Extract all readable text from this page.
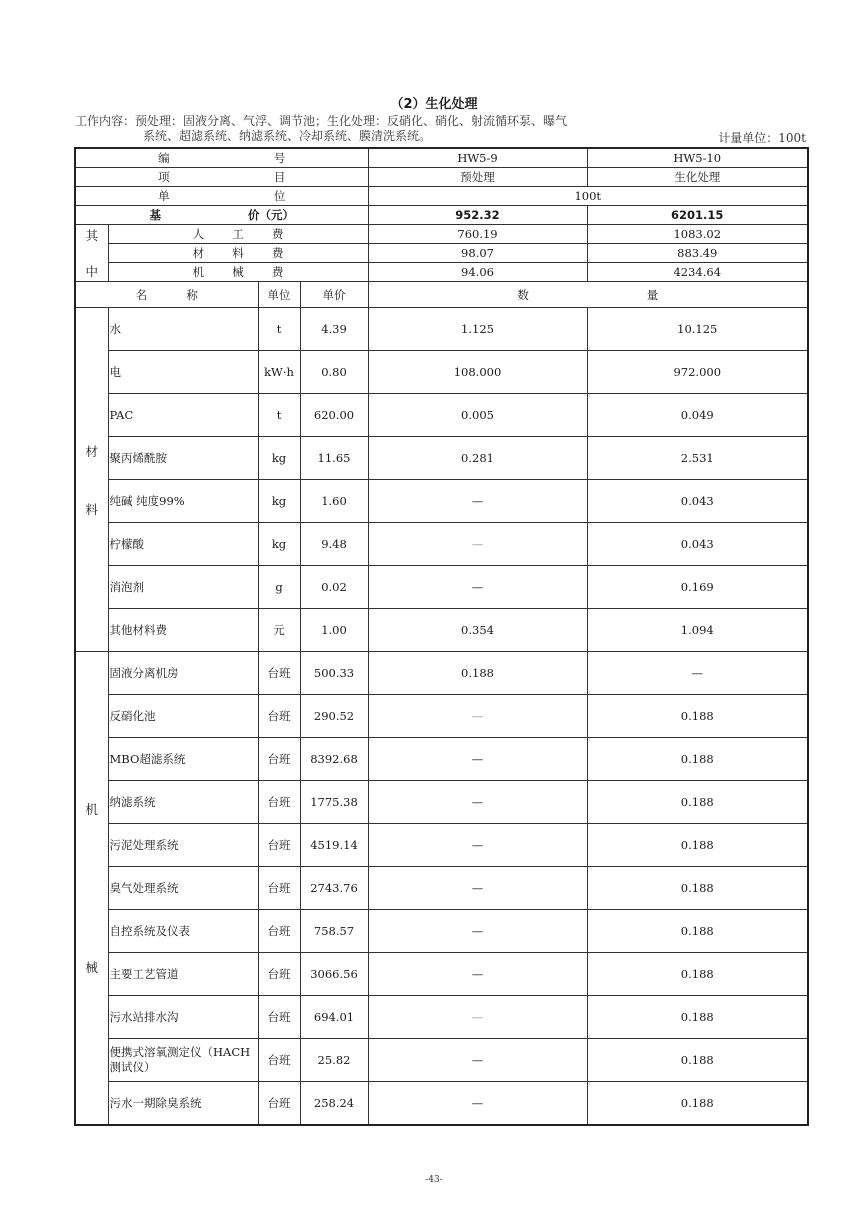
（2）生化处理
工作内容：预处理：固液分离、气浮、调节池；生化处理：反硝化、硝化、射流循环泵、曝气
系统、超滤系统、纳滤系统、冷却系统、膜清洗系统。	计量单位：100t
编 号				HW5-9	HW5-10

项 目				预处理	生化处理

单 位				100t	

基 价（元）				952.32	6201.15

其
中

人 工 费	760.19	1083.02

	材 料 费			98.07	883.49

	机 械 费			94.06	4234.64

名 称		单位	单价	数 量	

材
料	水	t	4.39	1.125	10.125
	电	kW·h	0.80	108.000	972.000
	PAC	t	620.00	0.005	0.049
	聚丙烯酰胺	kg	11.65	0.281	2.531
	纯碱 纯度99%	kg	1.60	—	0.043
	柠檬酸	kg	9.48	—	0.043
	消泡剂	g	0.02	—	0.169
	其他材料费	元	1.00	0.354	1.094

机
械	固液分离机房	台班	500.33	0.188	—
	反硝化池	台班	290.52	—	0.188
	MBO超滤系统	台班	8392.68	—	0.188
	纳滤系统	台班	1775.38	—	0.188
	污泥处理系统	台班	4519.14	—	0.188
	臭气处理系统	台班	2743.76	—	0.188
	自控系统及仪表	台班	758.57	—	0.188
	主要工艺管道	台班	3066.56	—	0.188
	污水站排水沟	台班	694.01	—	0.188
	便携式溶氧测定仪（HACH测试仪）	台班	25.82	—	0.188
	污水一期除臭系统	台班	258.24	—	0.188
-43-
